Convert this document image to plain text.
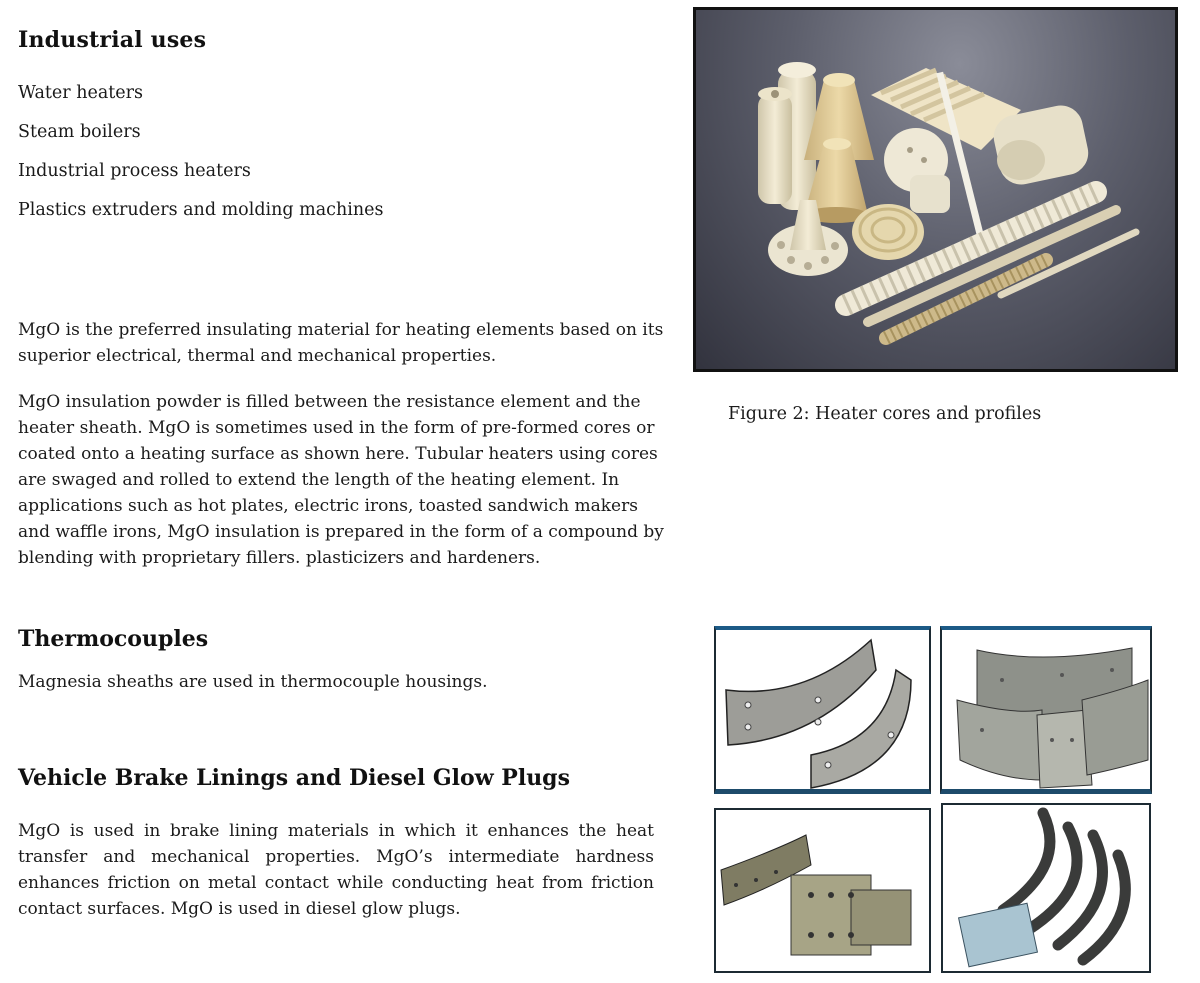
Industrial uses
Water heaters
Steam boilers
Industrial process heaters
Plastics extruders and molding machines

MgO is the preferred insulating material for heating elements based on its superior electrical, thermal and mechanical properties.

MgO insulation powder is filled between the resistance element and the heater sheath. MgO is sometimes used in the form of pre-formed cores or coated onto a heating surface as shown here. Tubular heaters using cores are swaged and rolled to extend the length of the heating element. In applications such as hot plates, electric irons, toasted sandwich makers and waffle irons, MgO insulation is prepared in the form of a compound by blending with proprietary fillers. plasticizers and hardeners.

Thermocouples

Magnesia sheaths are used in thermocouple housings.

Vehicle Brake Linings and Diesel Glow Plugs

MgO is used in brake lining materials in which it enhances the heat transfer and mechanical properties. MgO’s intermediate hardness enhances friction on metal contact while conducting heat from friction contact surfaces. MgO is used in diesel glow plugs.

Figure 2: Heater cores and profiles
